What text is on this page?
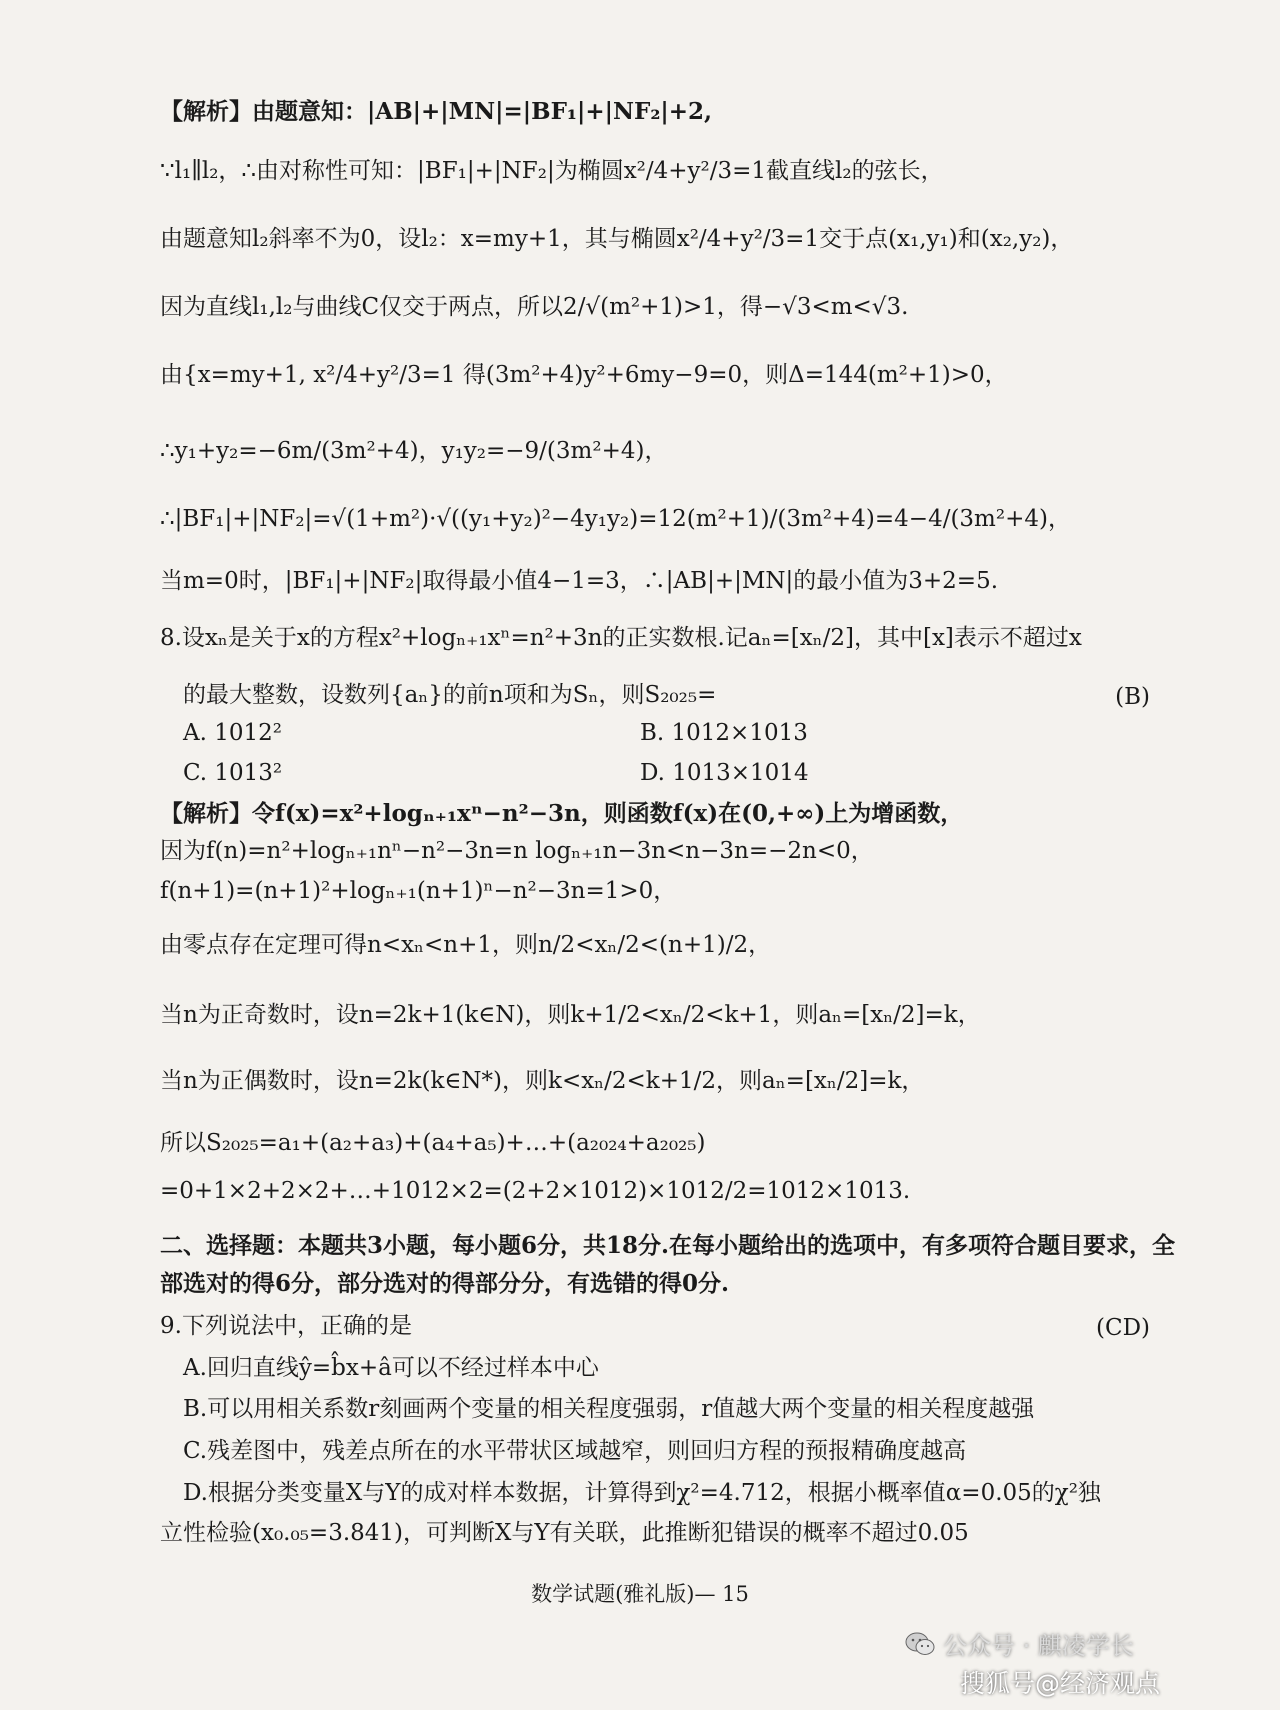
【解析】由题意知：|AB|+|MN|=|BF₁|+|NF₂|+2,
∵l₁∥l₂，∴由对称性可知：|BF₁|+|NF₂|为椭圆x²/4+y²/3=1截直线l₂的弦长，
由题意知l₂斜率不为0，设l₂：x=my+1，其与椭圆x²/4+y²/3=1交于点(x₁,y₁)和(x₂,y₂)，
因为直线l₁,l₂与曲线C仅交于两点，所以2/√(m²+1)>1，得−√3<m<√3.
由{x=my+1, x²/4+y²/3=1 得(3m²+4)y²+6my−9=0，则Δ=144(m²+1)>0，
∴y₁+y₂=−6m/(3m²+4)，y₁y₂=−9/(3m²+4)，
∴|BF₁|+|NF₂|=√(1+m²)·√((y₁+y₂)²−4y₁y₂)=12(m²+1)/(3m²+4)=4−4/(3m²+4)，
当m=0时，|BF₁|+|NF₂|取得最小值4−1=3，∴|AB|+|MN|的最小值为3+2=5.
8.设xₙ是关于x的方程x²+logₙ₊₁xⁿ=n²+3n的正实数根.记aₙ=[xₙ/2]，其中[x]表示不超过x
的最大整数，设数列{aₙ}的前n项和为Sₙ，则S₂₀₂₅=
A. 1012²
C. 1013²
【解析】令f(x)=x²+logₙ₊₁xⁿ−n²−3n，则函数f(x)在(0,+∞)上为增函数，
因为f(n)=n²+logₙ₊₁nⁿ−n²−3n=n logₙ₊₁n−3n<n−3n=−2n<0，
f(n+1)=(n+1)²+logₙ₊₁(n+1)ⁿ−n²−3n=1>0，
由零点存在定理可得n<xₙ<n+1，则n/2<xₙ/2<(n+1)/2，
当n为正奇数时，设n=2k+1(k∈N)，则k+1/2<xₙ/2<k+1，则aₙ=[xₙ/2]=k，
当n为正偶数时，设n=2k(k∈N*)，则k<xₙ/2<k+1/2，则aₙ=[xₙ/2]=k，
所以S₂₀₂₅=a₁+(a₂+a₃)+(a₄+a₅)+…+(a₂₀₂₄+a₂₀₂₅)
=0+1×2+2×2+…+1012×2=(2+2×1012)×1012/2=1012×1013.
二、选择题：本题共3小题，每小题6分，共18分.在每小题给出的选项中，有多项符合题目要求，全
部选对的得6分，部分选对的得部分分，有选错的得0分.
9.下列说法中，正确的是
A.回归直线ŷ=b̂x+â可以不经过样本中心
B.可以用相关系数r刻画两个变量的相关程度强弱，r值越大两个变量的相关程度越强
C.残差图中，残差点所在的水平带状区域越窄，则回归方程的预报精确度越高
D.根据分类变量X与Y的成对样本数据，计算得到χ²=4.712，根据小概率值α=0.05的χ²独
立性检验(x₀.₀₅=3.841)，可判断X与Y有关联，此推断犯错误的概率不超过0.05
(B)
B. 1012×1013
D. 1013×1014
(CD)
数学试题(雅礼版)— 15
公众号 · 麒凌学长
搜狐号@经济观点
